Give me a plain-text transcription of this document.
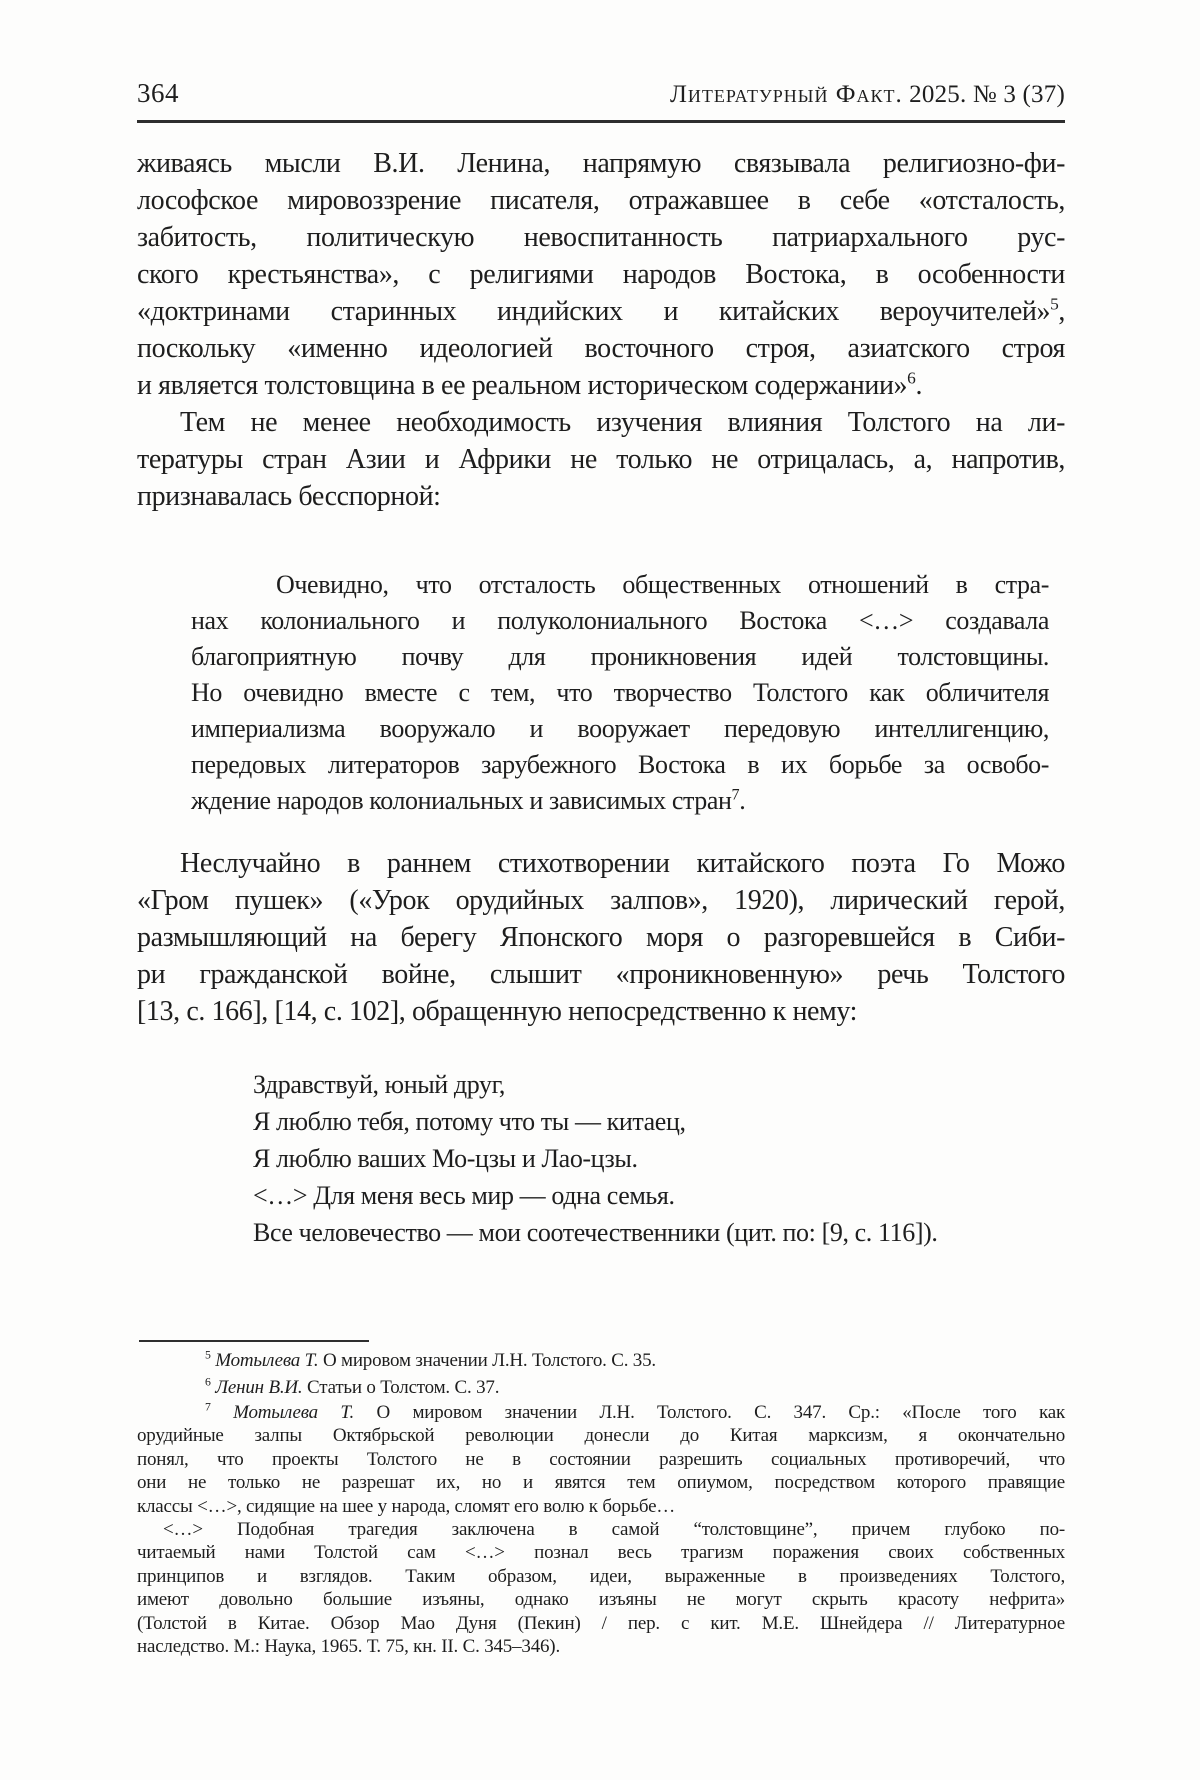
364	Литературный Факт. 2025. № 3 (37)
живаясь мысли В.И. Ленина, напрямую связывала религиозно-фи-
лософское мировоззрение писателя, отражавшее в себе «отсталость,
забитость, политическую невоспитанность патриархального рус-
ского крестьянства», с религиями народов Востока, в особенности
«доктринами старинных индийских и китайских вероучителей»$^5$,
поскольку «именно идеологией восточного строя, азиатского строя
и является толстовщина в ее реальном историческом содержании»$^6$.
Тем не менее необходимость изучения влияния Толстого на ли-
тературы стран Азии и Африки не только не отрицалась, а, напротив,
признавалась бесспорной:
Очевидно, что отсталость общественных отношений в стра-
нах колониального и полуколониального Востока <…> создавала
благоприятную почву для проникновения идей толстовщины.
Но очевидно вместе с тем, что творчество Толстого как обличителя
империализма вооружало и вооружает передовую интеллигенцию,
передовых литераторов зарубежного Востока в их борьбе за освобо-
ждение народов колониальных и зависимых стран$^7$.
Неслучайно в раннем стихотворении китайского поэта Го Можо
«Гром пушек» («Урок орудийных залпов», 1920), лирический герой,
размышляющий на берегу Японского моря о разгоревшейся в Сиби-
ри гражданской войне, слышит «проникновенную» речь Толстого
[13, с. 166], [14, с. 102], обращенную непосредственно к нему:
Здравствуй, юный друг,
Я люблю тебя, потому что ты — китаец,
Я люблю ваших Мо-цзы и Лао-цзы.
<…> Для меня весь мир — одна семья.
Все человечество — мои соотечественники (цит. по: [9, с. 116]).
$^5$ Мотылева Т. О мировом значении Л.Н. Толстого. С. 35.
$^6$ Ленин В.И. Статьи о Толстом. С. 37.
$^7$ Мотылева Т. О мировом значении Л.Н. Толстого. С. 347. Ср.: «После того как
орудийные залпы Октябрьской революции донесли до Китая марксизм, я окончательно
понял, что проекты Толстого не в состоянии разрешить социальных противоречий, что
они не только не разрешат их, но и явятся тем опиумом, посредством которого правящие
классы <…>, сидящие на шее у народа, сломят его волю к борьбе…
<…> Подобная трагедия заключена в самой “толстовщине”, причем глубоко по-
читаемый нами Толстой сам <…> познал весь трагизм поражения своих собственных
принципов и взглядов. Таким образом, идеи, выраженные в произведениях Толстого,
имеют довольно большие изъяны, однако изъяны не могут скрыть красоту нефрита»
(Толстой в Китае. Обзор Мао Дуня (Пекин) / пер. с кит. М.Е. Шнейдера // Литературное
наследство. М.: Наука, 1965. Т. 75, кн. II. С. 345–346).
